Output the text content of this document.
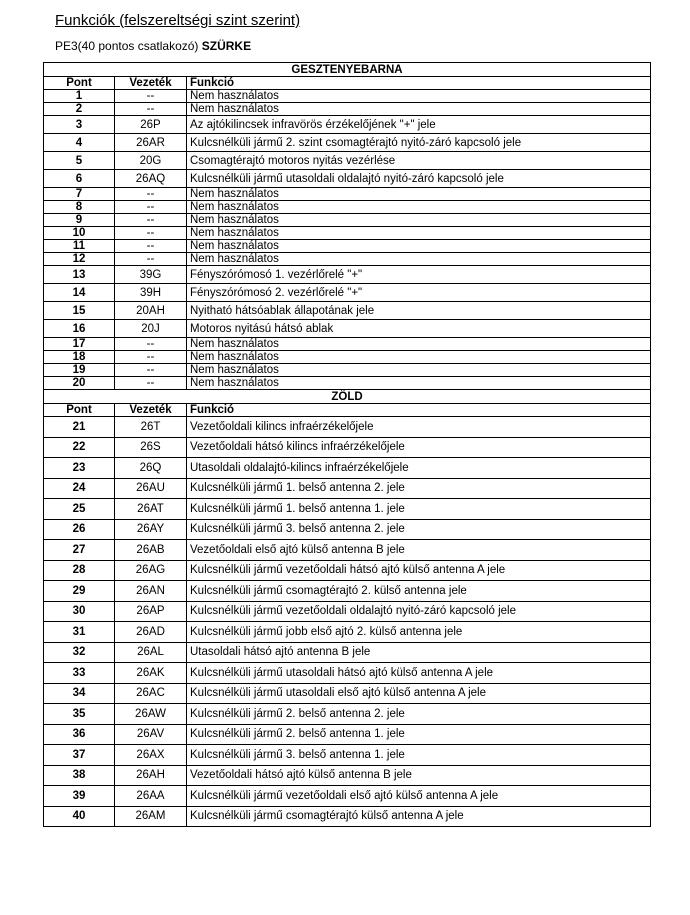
Funkciók (felszereltségi szint szerint)
PE3(40 pontos csatlakozó) SZÜRKE
GESZTENYEBARNA		
Pont	Vezeték	Funkció
1	--	Nem használatos
2	--	Nem használatos
3	26P	Az ajtókilincsek infravörös érzékelőjének "+" jele
4	26AR	Kulcsnélküli jármű 2. szint csomagtérajtó nyitó-záró kapcsoló jele
5	20G	Csomagtérajtó motoros nyitás vezérlése
6	26AQ	Kulcsnélküli jármű utasoldali oldalajtó nyitó-záró kapcsoló jele
7	--	Nem használatos
8	--	Nem használatos
9	--	Nem használatos
10	--	Nem használatos
11	--	Nem használatos
12	--	Nem használatos
13	39G	Fényszórómosó 1. vezérlőrelé "+"
14	39H	Fényszórómosó 2. vezérlőrelé "+"
15	20AH	Nyitható hátsóablak állapotának jele
16	20J	Motoros nyitású hátsó ablak
17	--	Nem használatos
18	--	Nem használatos
19	--	Nem használatos
20	--	Nem használatos
ZÖLD		
Pont	Vezeték	Funkció
21	26T	Vezetőoldali kilincs infraérzékelőjele
22	26S	Vezetőoldali hátsó kilincs infraérzékelőjele
23	26Q	Utasoldali oldalajtó-kilincs infraérzékelőjele
24	26AU	Kulcsnélküli jármű 1. belső antenna 2. jele
25	26AT	Kulcsnélküli jármű 1. belső antenna 1. jele
26	26AY	Kulcsnélküli jármű 3. belső antenna 2. jele
27	26AB	Vezetőoldali első ajtó külső antenna B jele
28	26AG	Kulcsnélküli jármű vezetőoldali hátsó ajtó külső antenna A jele
29	26AN	Kulcsnélküli jármű csomagtérajtó 2. külső antenna jele
30	26AP	Kulcsnélküli jármű vezetőoldali oldalajtó nyitó-záró kapcsoló jele
31	26AD	Kulcsnélküli jármű jobb első ajtó 2. külső antenna jele
32	26AL	Utasoldali hátsó ajtó antenna B jele
33	26AK	Kulcsnélküli jármű utasoldali hátsó ajtó külső antenna A jele
34	26AC	Kulcsnélküli jármű utasoldali első ajtó külső antenna A jele
35	26AW	Kulcsnélküli jármű 2. belső antenna 2. jele
36	26AV	Kulcsnélküli jármű 2. belső antenna 1. jele
37	26AX	Kulcsnélküli jármű 3. belső antenna 1. jele
38	26AH	Vezetőoldali hátsó ajtó külső antenna B jele
39	26AA	Kulcsnélküli jármű vezetőoldali első ajtó külső antenna A jele
40	26AM	Kulcsnélküli jármű csomagtérajtó külső antenna A jele
